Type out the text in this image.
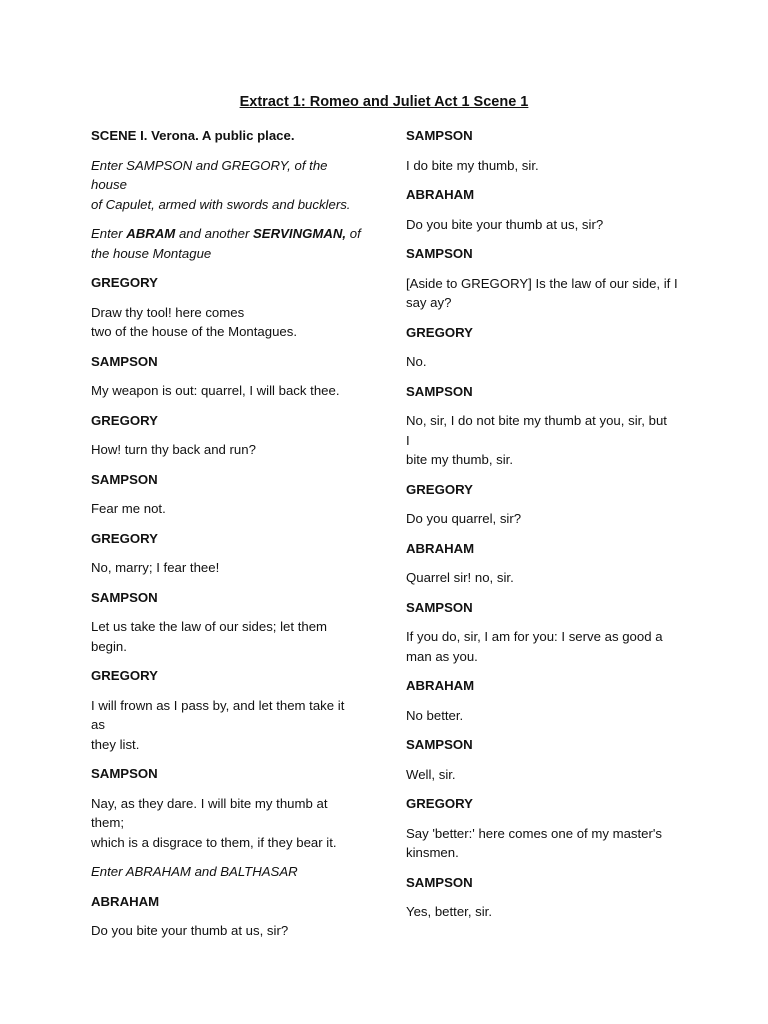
Extract 1: Romeo and Juliet Act 1 Scene 1
SCENE I. Verona. A public place.
Enter SAMPSON and GREGORY, of the house
of Capulet, armed with swords and bucklers.
Enter ABRAM and another SERVINGMAN, of
the house Montague
GREGORY
Draw thy tool! here comes
two of the house of the Montagues.
SAMPSON
My weapon is out: quarrel, I will back thee.
GREGORY
How! turn thy back and run?
SAMPSON
Fear me not.
GREGORY
No, marry; I fear thee!
SAMPSON
Let us take the law of our sides; let them
begin.
GREGORY
I will frown as I pass by, and let them take it
as
they list.
SAMPSON
Nay, as they dare. I will bite my thumb at
them;
which is a disgrace to them, if they bear it.
Enter ABRAHAM and BALTHASAR
ABRAHAM
Do you bite your thumb at us, sir?
SAMPSON
I do bite my thumb, sir.
ABRAHAM
Do you bite your thumb at us, sir?
SAMPSON
[Aside to GREGORY] Is the law of our side, if I
say ay?
GREGORY
No.
SAMPSON
No, sir, I do not bite my thumb at you, sir, but
I
bite my thumb, sir.
GREGORY
Do you quarrel, sir?
ABRAHAM
Quarrel sir! no, sir.
SAMPSON
If you do, sir, I am for you: I serve as good a
man as you.
ABRAHAM
No better.
SAMPSON
Well, sir.
GREGORY
Say 'better:' here comes one of my master's
kinsmen.
SAMPSON
Yes, better, sir.
